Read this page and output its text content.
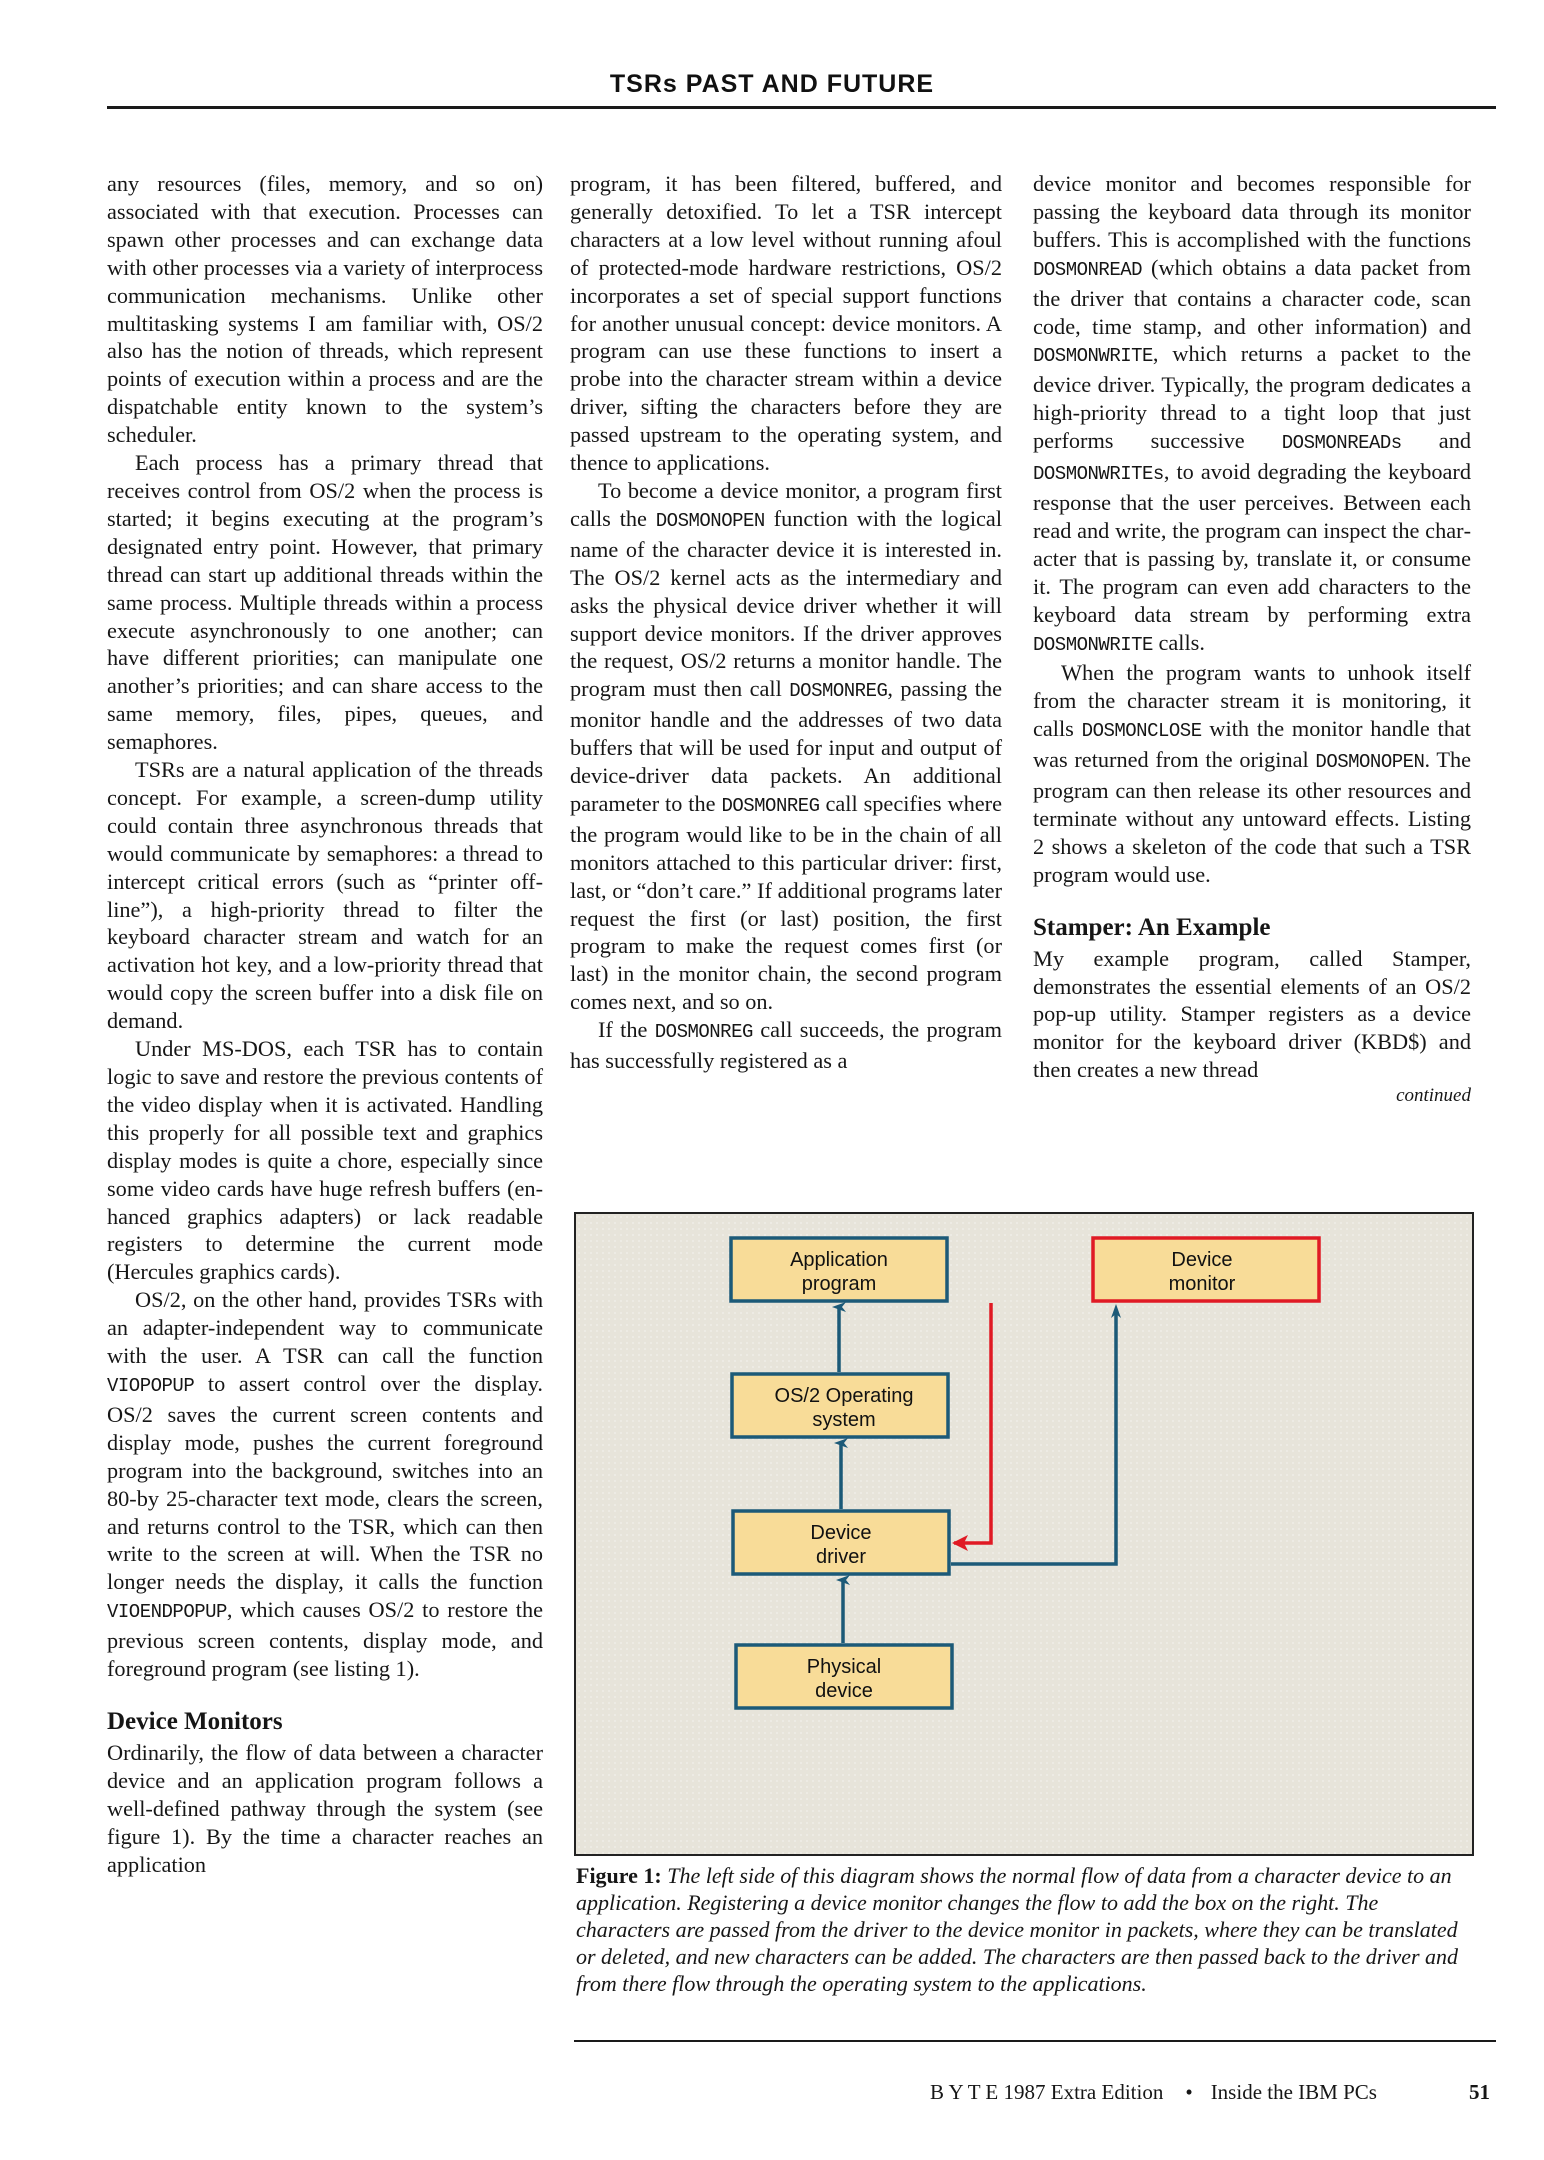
TSRs PAST AND FUTURE

any resources (files, memory, and so on) associated with that execution. Processes can spawn other processes and can exchange data with other processes via a variety of interprocess communication mechanisms. Unlike other multitasking systems I am familiar with, OS/2 also has the notion of threads, which represent points of execution within a process and are the dispatchable entity known to the system’s scheduler.

Each process has a primary thread that receives control from OS/2 when the process is started; it begins executing at the program’s designated entry point. However, that primary thread can start up additional threads within the same process. Multiple threads within a process execute asynchronously to one another; can have different priorities; can manipulate one another’s priorities; and can share access to the same memory, files, pipes, queues, and semaphores.

TSRs are a natural application of the threads concept. For example, a screen-dump utility could contain three asynchronous threads that would communicate by semaphores: a thread to intercept critical errors (such as “printer offline”), a high-priority thread to filter the keyboard character stream and watch for an activation hot key, and a low-priority thread that would copy the screen buffer into a disk file on demand.

Under MS-DOS, each TSR has to contain logic to save and restore the previous contents of the video display when it is activated. Handling this properly for all possible text and graphics display modes is quite a chore, especially since some video cards have huge refresh buffers (enhanced graphics adapters) or lack readable registers to determine the current mode (Hercules graphics cards).

OS/2, on the other hand, provides TSRs with an adapter-independent way to communicate with the user. A TSR can call the function VIOPOPUP to assert control over the display. OS/2 saves the current screen contents and display mode, pushes the current foreground program into the background, switches into an 80-by 25-character text mode, clears the screen, and returns control to the TSR, which can then write to the screen at will. When the TSR no longer needs the display, it calls the function VIOENDPOPUP, which causes OS/2 to restore the previous screen contents, display mode, and foreground program (see listing 1).

Device Monitors

Ordinarily, the flow of data between a character device and an application program follows a well-defined pathway through the system (see figure 1). By the time a character reaches an application

program, it has been filtered, buffered, and generally detoxified. To let a TSR intercept characters at a low level without running afoul of protected-mode hardware restrictions, OS/2 incorporates a set of special support functions for another unusual concept: device monitors. A program can use these functions to insert a probe into the character stream within a device driver, sifting the characters before they are passed upstream to the operating system, and thence to applications.

To become a device monitor, a program first calls the DOSMONOPEN function with the logical name of the character device it is interested in. The OS/2 kernel acts as the intermediary and asks the physical device driver whether it will support device monitors. If the driver approves the request, OS/2 returns a monitor handle. The program must then call DOSMONREG, passing the monitor handle and the addresses of two data buffers that will be used for input and output of device-driver data packets. An additional parameter to the DOSMONREG call specifies where the program would like to be in the chain of all monitors attached to this particular driver: first, last, or “don’t care.” If additional programs later request the first (or last) position, the first program to make the request comes first (or last) in the monitor chain, the second program comes next, and so on.

If the DOSMONREG call succeeds, the program has successfully registered as a

device monitor and becomes responsible for passing the keyboard data through its monitor buffers. This is accomplished with the functions DOSMONREAD (which obtains a data packet from the driver that contains a character code, scan code, time stamp, and other information) and DOSMONWRITE, which returns a packet to the device driver. Typically, the program dedicates a high-priority thread to a tight loop that just performs successive DOSMONREADs and DOSMONWRITEs, to avoid degrading the keyboard response that the user perceives. Between each read and write, the program can inspect the character that is passing by, translate it, or consume it. The program can even add characters to the keyboard data stream by performing extra DOSMONWRITE calls.

When the program wants to unhook itself from the character stream it is monitoring, it calls DOSMONCLOSE with the monitor handle that was returned from the original DOSMONOPEN. The program can then release its other resources and terminate without any untoward effects. Listing 2 shows a skeleton of the code that such a TSR program would use.

Stamper: An Example

My example program, called Stamper, demonstrates the essential elements of an OS/2 pop-up utility. Stamper registers as a device monitor for the keyboard driver (KBD$) and then creates a new thread

continued

Application
program
OS/2 Operating
system
Device
driver
Physical
device
Device
monitor
Figure 1: The left side of this diagram shows the normal flow of data from a character device to an application. Registering a device monitor changes the flow to add the box on the right. The characters are passed from the driver to the device monitor in packets, where they can be translated or deleted, and new characters can be added. The characters are then passed back to the driver and from there flow through the operating system to the applications.
B Y T E 1987 Extra Edition • Inside the IBM PCs	51
